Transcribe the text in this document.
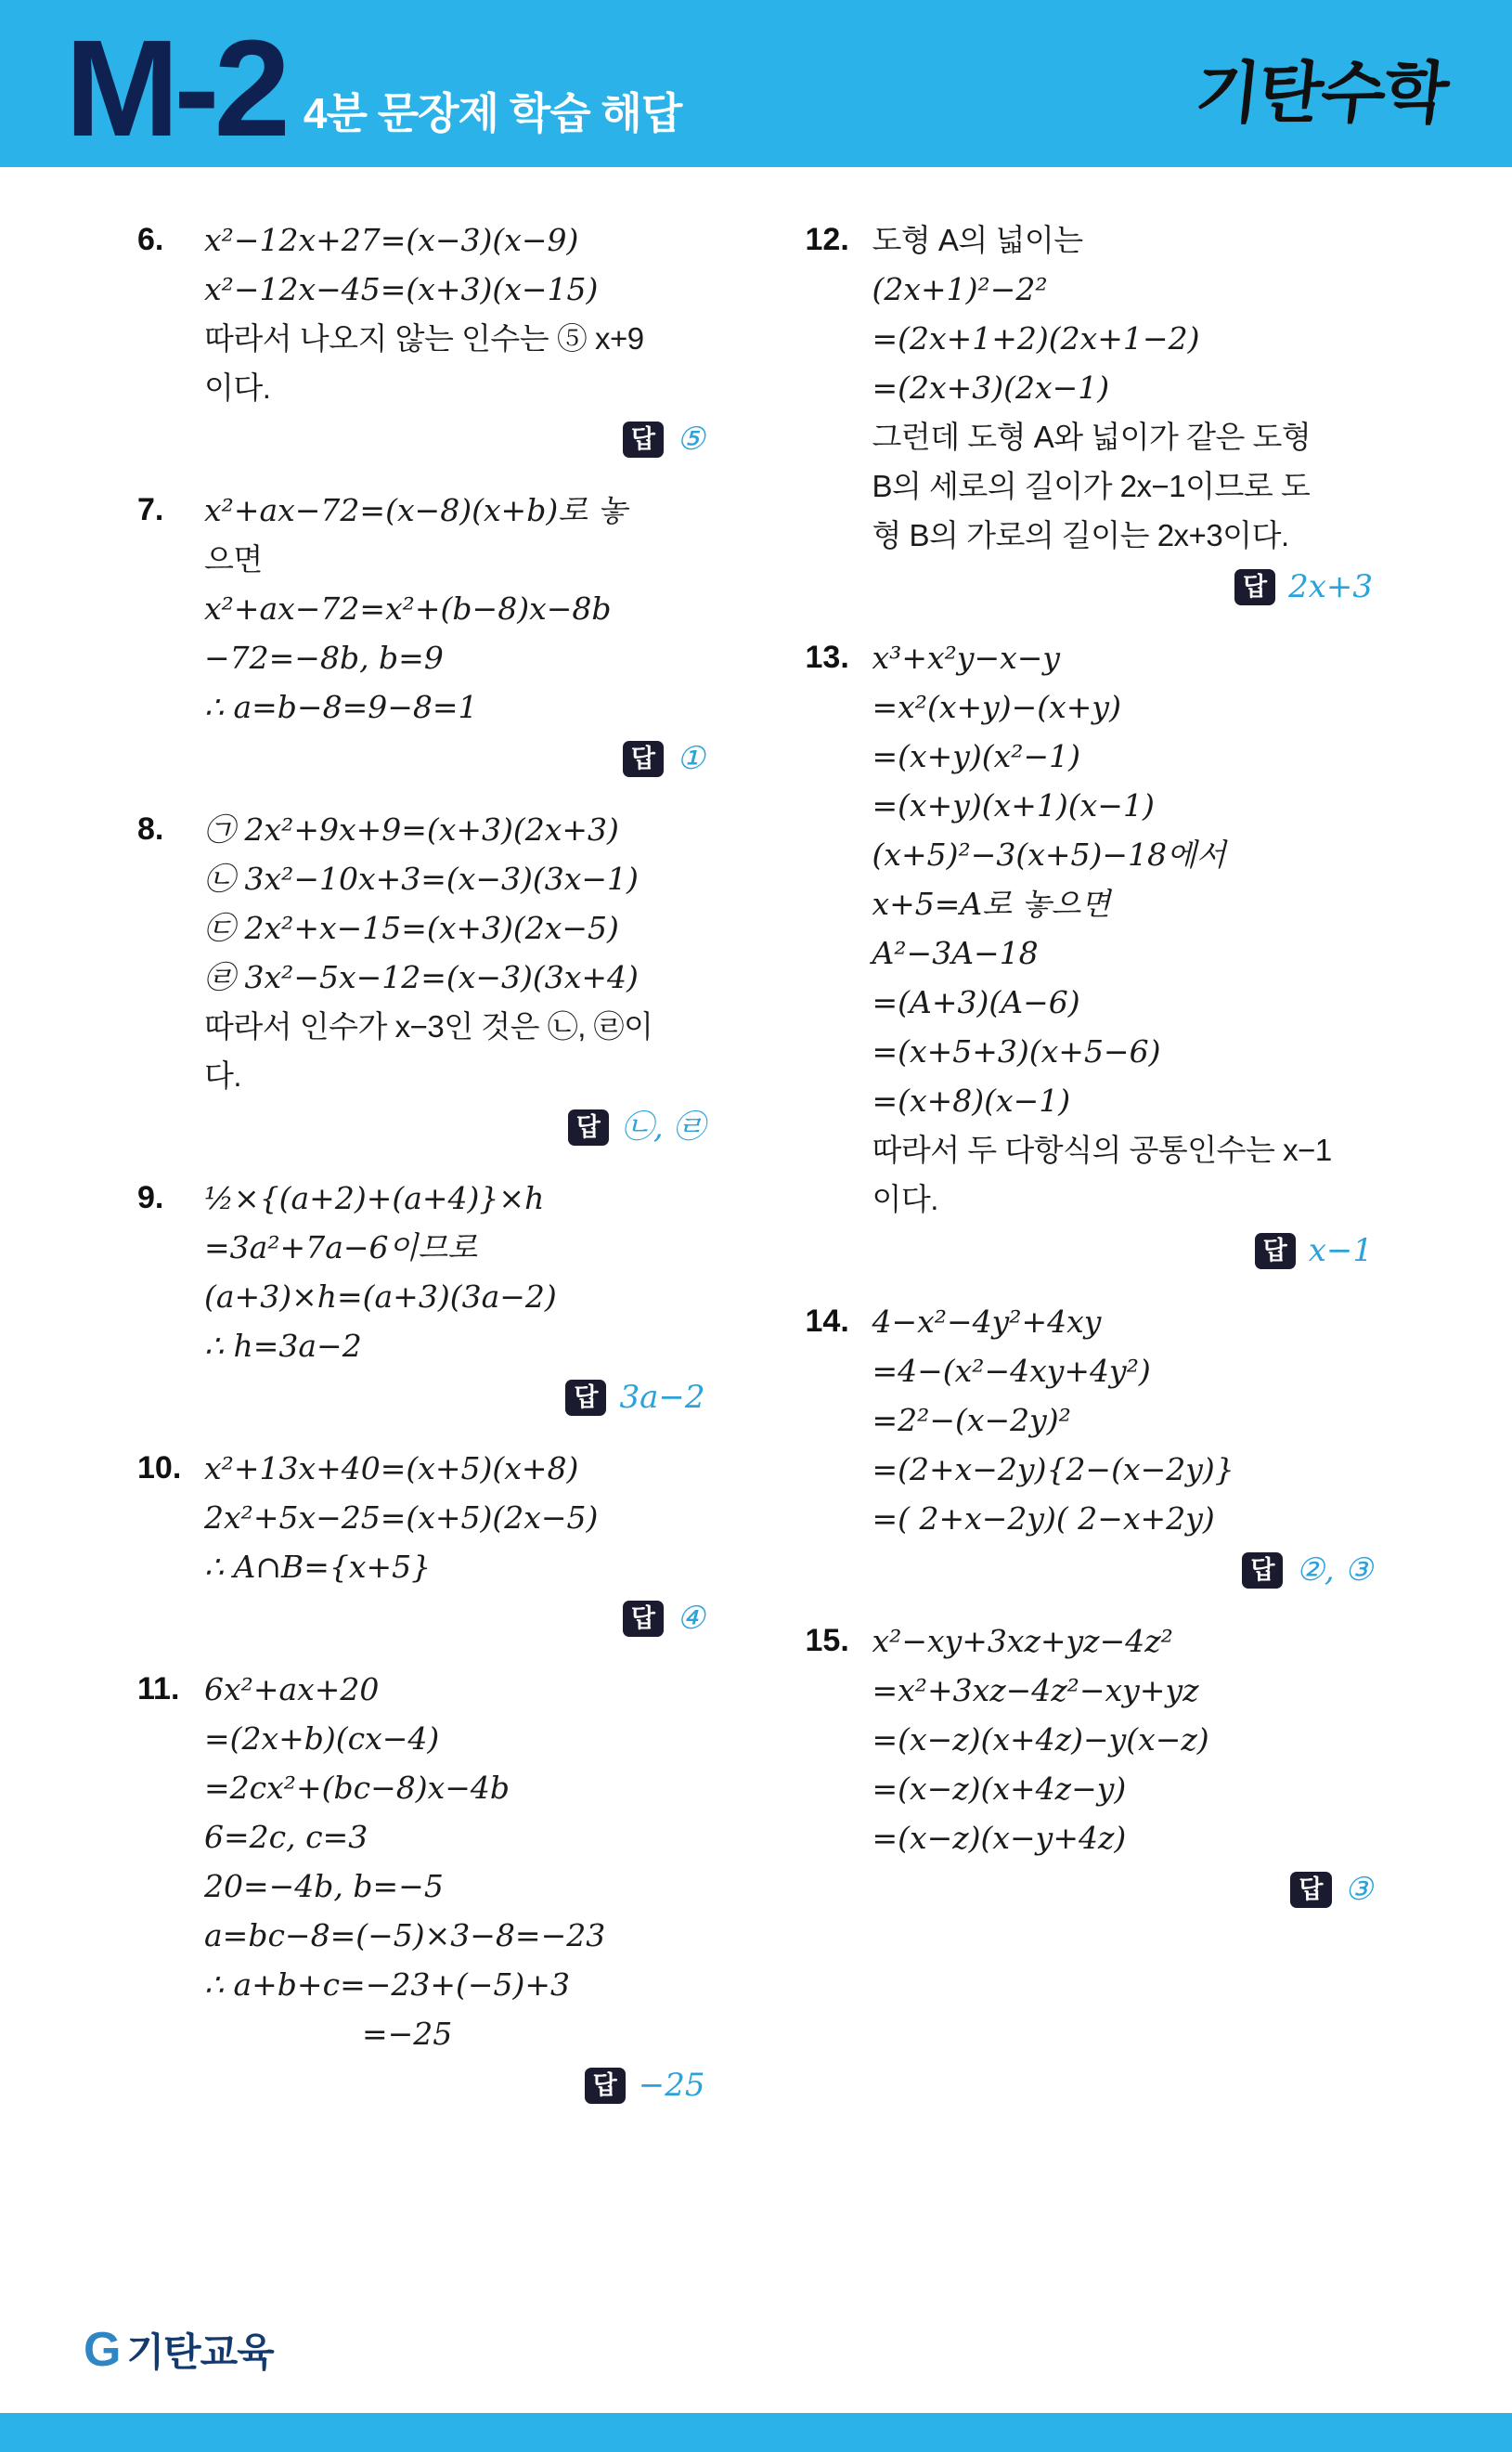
M-2 4분 문장제 학습 해답	기탄수학
6.	x²−12x+27=(x−3)(x−9)
x²−12x−45=(x+3)(x−15)
따라서 나오지 않는 인수는 ⑤ x+9
이다.
답 ⑤
7.	x²+ax−72=(x−8)(x+b)로 놓
으면
x²+ax−72=x²+(b−8)x−8b
−72=−8b, b=9
∴ a=b−8=9−8=1
답 ①
8.	㉠ 2x²+9x+9=(x+3)(2x+3)
㉡ 3x²−10x+3=(x−3)(3x−1)
㉢ 2x²+x−15=(x+3)(2x−5)
㉣ 3x²−5x−12=(x−3)(3x+4)
따라서 인수가 x−3인 것은 ㉡, ㉣이
다.
답 ㉡, ㉣
9.	½×{(a+2)+(a+4)}×h
=3a²+7a−6이므로
(a+3)×h=(a+3)(3a−2)
∴ h=3a−2
답 3a−2
10. x²+13x+40=(x+5)(x+8)
2x²+5x−25=(x+5)(2x−5)
∴ A∩B={x+5}
답 ④
11. 6x²+ax+20
=(2x+b)(cx−4)
=2cx²+(bc−8)x−4b
6=2c, c=3
20=−4b, b=−5
a=bc−8=(−5)×3−8=−23
∴ a+b+c=−23+(−5)+3
=−25
답 −25
12. 도형 A의 넓이는
(2x+1)²−2²
=(2x+1+2)(2x+1−2)
=(2x+3)(2x−1)
그런데 도형 A와 넓이가 같은 도형
B의 세로의 길이가 2x−1이므로 도
형 B의 가로의 길이는 2x+3이다.
답 2x+3
13. x³+x²y−x−y
=x²(x+y)−(x+y)
=(x+y)(x²−1)
=(x+y)(x+1)(x−1)
(x+5)²−3(x+5)−18에서
x+5=A로 놓으면
A²−3A−18
=(A+3)(A−6)
=(x+5+3)(x+5−6)
=(x+8)(x−1)
따라서 두 다항식의 공통인수는 x−1
이다.
답 x−1
14. 4−x²−4y²+4xy
=4−(x²−4xy+4y²)
=2²−(x−2y)²
=(2+x−2y){2−(x−2y)}
=( 2+x−2y)( 2−x+2y)
답 ②, ③
15. x²−xy+3xz+yz−4z²
=x²+3xz−4z²−xy+yz
=(x−z)(x+4z)−y(x−z)
=(x−z)(x+4z−y)
=(x−z)(x−y+4z)
답 ③
G 기탄교육
